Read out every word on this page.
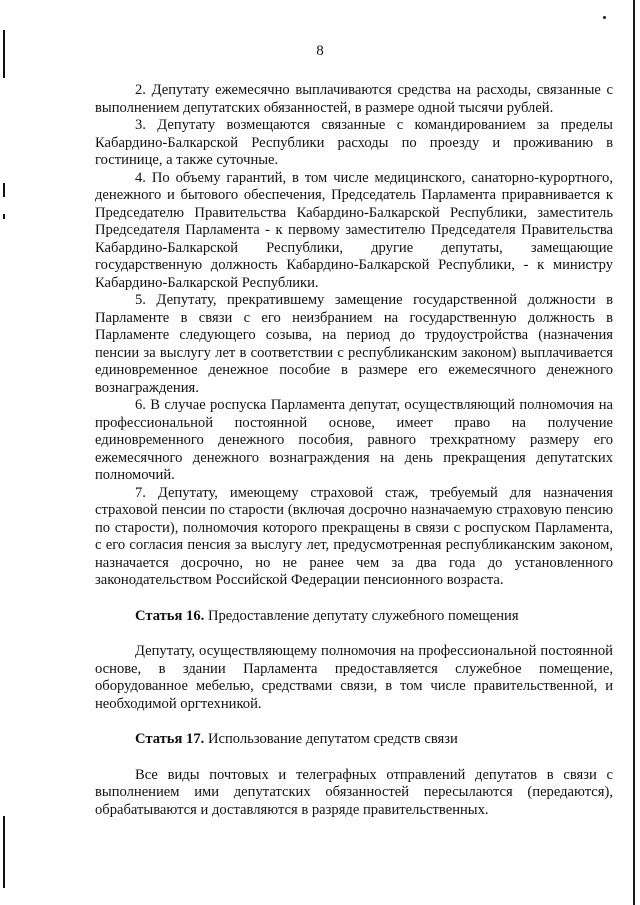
8

2. Депутату ежемесячно выплачиваются средства на расходы, связанные с выполнением депутатских обязанностей, в размере одной тысячи рублей.

3. Депутату возмещаются связанные с командированием за пределы Кабардино-Балкарской Республики расходы по проезду и проживанию в гостинице, а также суточные.

4. По объему гарантий, в том числе медицинского, санаторно-курортного, денежного и бытового обеспечения, Председатель Парламента приравнивается к Председателю Правительства Кабардино-Балкарской Республики, заместитель Председателя Парламента - к первому заместителю Председателя Правительства Кабардино-Балкарской Республики, другие депутаты, замещающие государственную должность Кабардино-Балкарской Республики, - к министру Кабардино-Балкарской Республики.

5. Депутату, прекратившему замещение государственной должности в Парламенте в связи с его неизбранием на государственную должность в Парламенте следующего созыва, на период до трудоустройства (назначения пенсии за выслугу лет в соответствии с республиканским законом) выплачивается единовременное денежное пособие в размере его ежемесячного денежного вознаграждения.

6. В случае роспуска Парламента депутат, осуществляющий полномочия на профессиональной постоянной основе, имеет право на получение единовременного денежного пособия, равного трехкратному размеру его ежемесячного денежного вознаграждения на день прекращения депутатских полномочий.

7. Депутату, имеющему страховой стаж, требуемый для назначения страховой пенсии по старости (включая досрочно назначаемую страховую пенсию по старости), полномочия которого прекращены в связи с роспуском Парламента, с его согласия пенсия за выслугу лет, предусмотренная республиканским законом, назначается досрочно, но не ранее чем за два года до установленного законодательством Российской Федерации пенсионного возраста.

Статья 16. Предоставление депутату служебного помещения

Депутату, осуществляющему полномочия на профессиональной постоянной основе, в здании Парламента предоставляется служебное помещение, оборудованное мебелью, средствами связи, в том числе правительственной, и необходимой оргтехникой.

Статья 17. Использование депутатом средств связи

Все виды почтовых и телеграфных отправлений депутатов в связи с выполнением ими депутатских обязанностей пересылаются (передаются), обрабатываются и доставляются в разряде правительственных.
